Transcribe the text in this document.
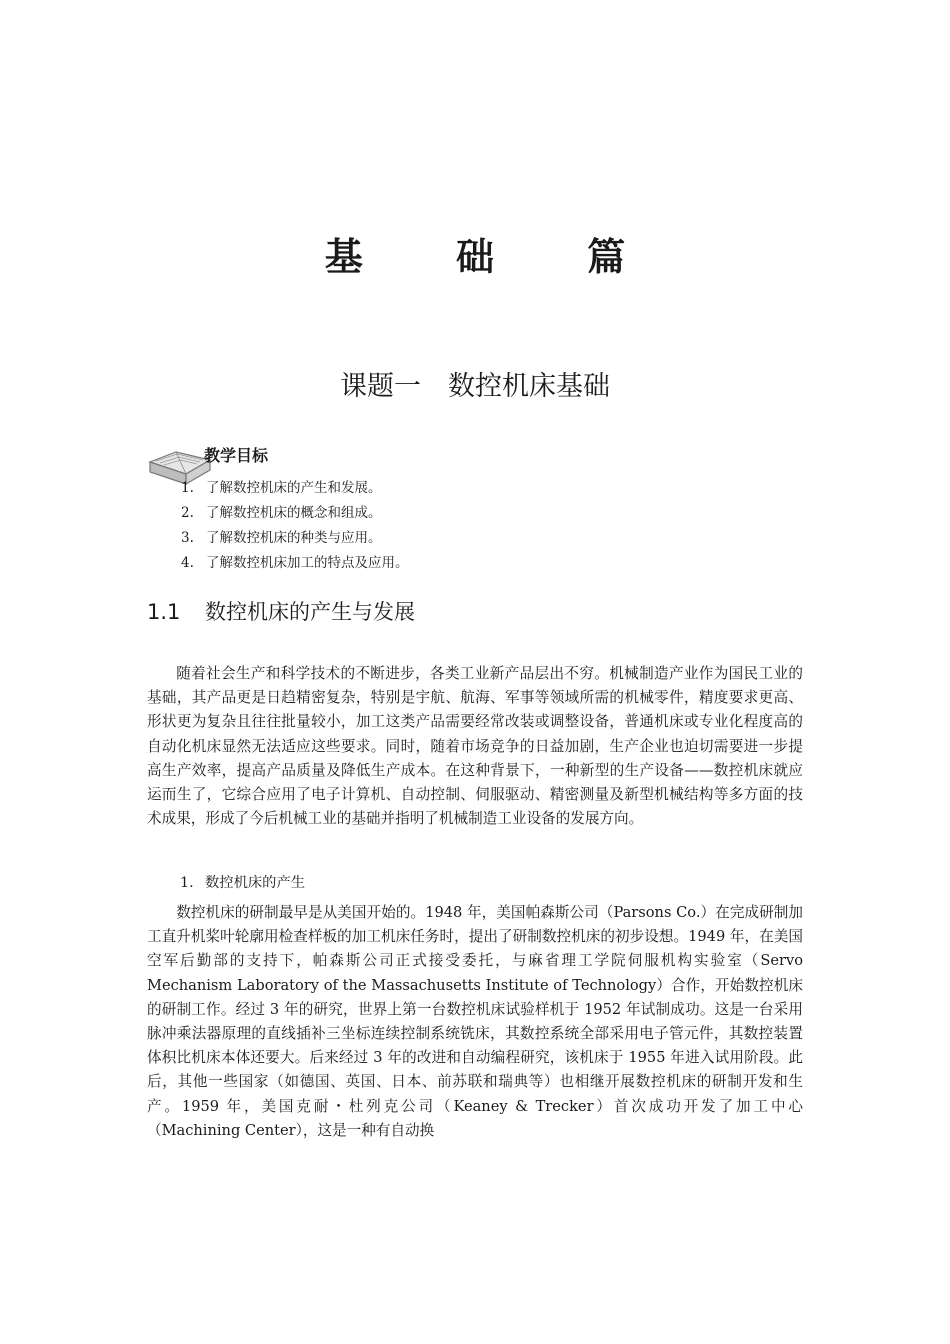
基 础 篇
课题一　数控机床基础
教学目标
1. 了解数控机床的产生和发展。
2. 了解数控机床的概念和组成。
3. 了解数控机床的种类与应用。
4. 了解数控机床加工的特点及应用。
1.1 数控机床的产生与发展

随着社会生产和科学技术的不断进步，各类工业新产品层出不穷。机械制造产业作为国民工业的基础，其产品更是日趋精密复杂，特别是宇航、航海、军事等领域所需的机械零件，精度要求更高、形状更为复杂且往往批量较小，加工这类产品需要经常改装或调整设备，普通机床或专业化程度高的自动化机床显然无法适应这些要求。同时，随着市场竞争的日益加剧，生产企业也迫切需要进一步提高生产效率，提高产品质量及降低生产成本。在这种背景下，一种新型的生产设备——数控机床就应运而生了，它综合应用了电子计算机、自动控制、伺服驱动、精密测量及新型机械结构等多方面的技术成果，形成了今后机械工业的基础并指明了机械制造工业设备的发展方向。

1. 数控机床的产生

数控机床的研制最早是从美国开始的。1948 年，美国帕森斯公司（Parsons Co.）在完成研制加工直升机桨叶轮廓用检查样板的加工机床任务时，提出了研制数控机床的初步设想。1949 年，在美国空军后勤部的支持下，帕森斯公司正式接受委托，与麻省理工学院伺服机构实验室（Servo Mechanism Laboratory of the Massachusetts Institute of Technology）合作，开始数控机床的研制工作。经过 3 年的研究，世界上第一台数控机床试验样机于 1952 年试制成功。这是一台采用脉冲乘法器原理的直线插补三坐标连续控制系统铣床，其数控系统全部采用电子管元件，其数控装置体积比机床本体还要大。后来经过 3 年的改进和自动编程研究，该机床于 1955 年进入试用阶段。此后，其他一些国家（如德国、英国、日本、前苏联和瑞典等）也相继开展数控机床的研制开发和生产。1959 年，美国克耐・杜列克公司（Keaney & Trecker）首次成功开发了加工中心（Machining Center），这是一种有自动换
